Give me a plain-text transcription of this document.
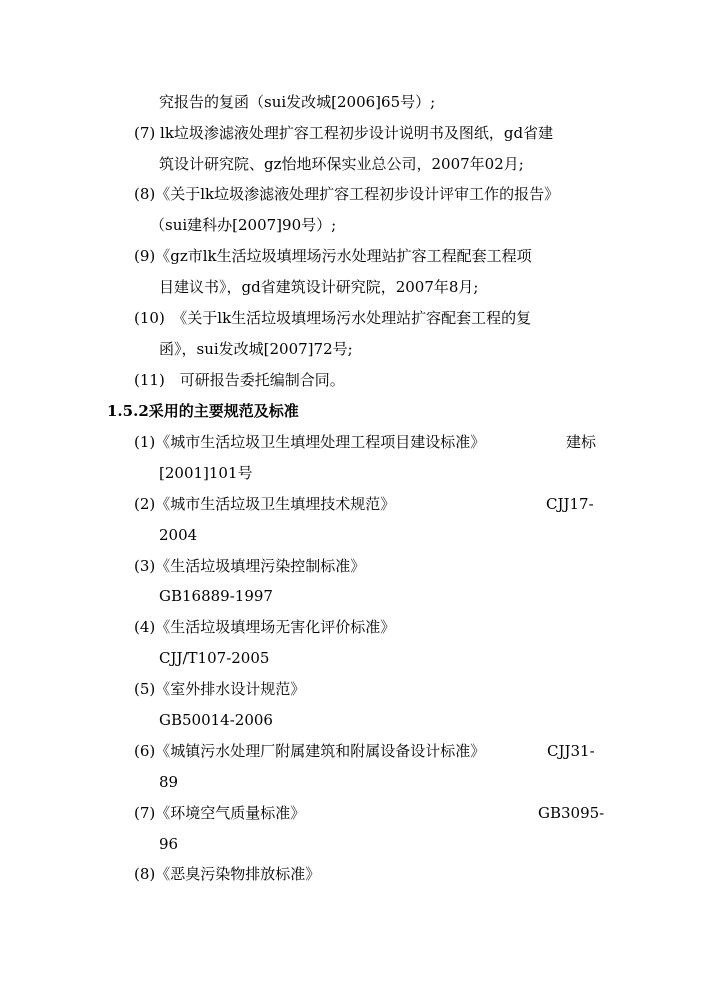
究报告的复函（sui发改城[2006]65号）;
(7) lk垃圾渗滤液处理扩容工程初步设计说明书及图纸，gd省建
筑设计研究院、gz怡地环保实业总公司，2007年02月;
(8)《关于lk垃圾渗滤液处理扩容工程初步设计评审工作的报告》
（sui建科办[2007]90号）;
(9)《gz市lk生活垃圾填埋场污水处理站扩容工程配套工程项
目建议书》，gd省建筑设计研究院，2007年8月;
(10)　《关于lk生活垃圾填埋场污水处理站扩容配套工程的复
函》，sui发改城[2007]72号;
(11)　可研报告委托编制合同。
1.5.2采用的主要规范及标准
(1)《城市生活垃圾卫生填埋处理工程项目建设标准》	建标
[2001]101号
(2)《城市生活垃圾卫生填埋技术规范》	CJJ17-
2004
(3)《生活垃圾填埋污染控制标准》
GB16889-1997
(4)《生活垃圾填埋场无害化评价标准》
CJJ/T107-2005
(5)《室外排水设计规范》
GB50014-2006
(6)《城镇污水处理厂附属建筑和附属设备设计标准》	CJJ31-
89
(7)《环境空气质量标准》	GB3095-
96
(8)《恶臭污染物排放标准》
